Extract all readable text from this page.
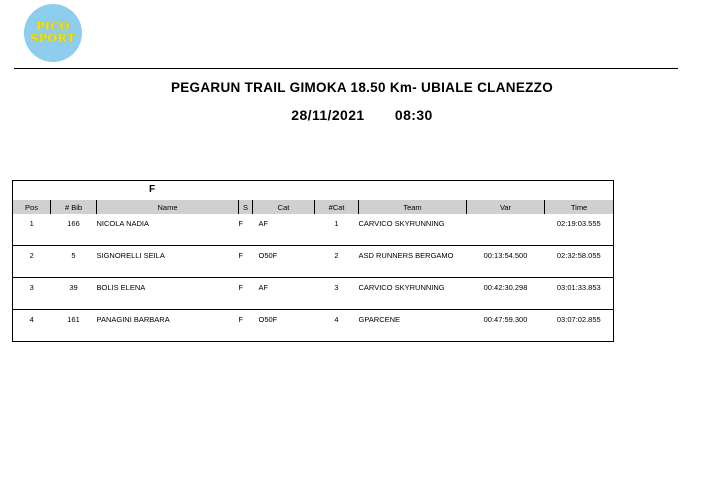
PICO
SPORT
PEGARUN TRAIL GIMOKA 18.50 Km- UBIALE CLANEZZO
28/11/2021 08:30
F								
Pos	# Bib	Name	S	Cat	#Cat	Team	Var	Time
1	166	NICOLA NADIA	F	AF	1	CARVICO SKYRUNNING		02:19:03.555
2	5	SIGNORELLI SEILA	F	O50F	2	ASD RUNNERS BERGAMO	00:13:54.500	02:32:58.055
3	39	BOLIS ELENA	F	AF	3	CARVICO SKYRUNNING	00:42:30.298	03:01:33.853
4	161	PANAGINI BARBARA	F	O50F	4	GPARCENE	00:47:59.300	03:07:02.855
